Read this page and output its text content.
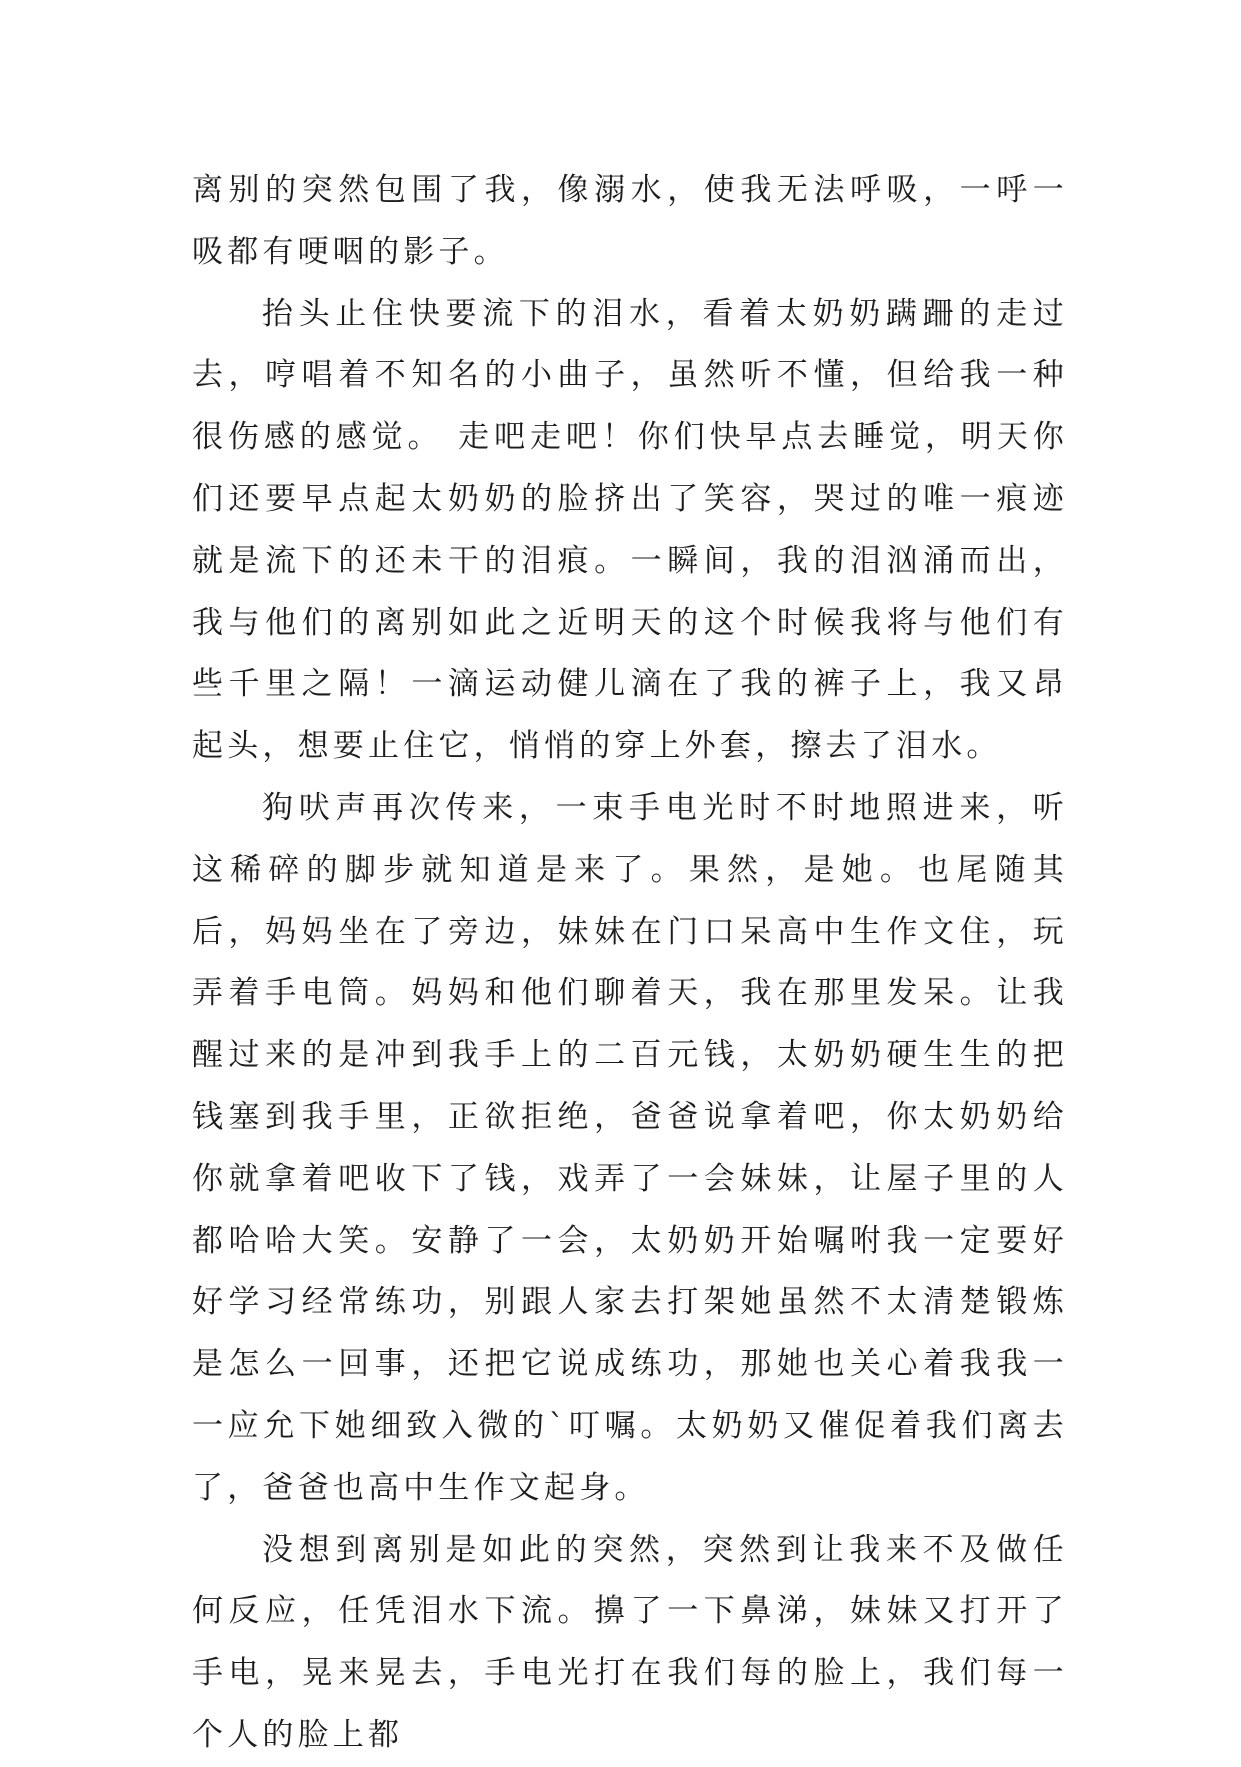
离别的突然包围了我，像溺水，使我无法呼吸，一呼一吸都有哽咽的影子。

抬头止住快要流下的泪水，看着太奶奶蹒跚的走过去，哼唱着不知名的小曲子，虽然听不懂，但给我一种很伤感的感觉。 走吧走吧！你们快早点去睡觉，明天你们还要早点起太奶奶的脸挤出了笑容，哭过的唯一痕迹就是流下的还未干的泪痕。一瞬间，我的泪汹涌而出，我与他们的离别如此之近明天的这个时候我将与他们有些千里之隔！一滴运动健儿滴在了我的裤子上，我又昂起头，想要止住它，悄悄的穿上外套，擦去了泪水。

狗吠声再次传来，一束手电光时不时地照进来，听这稀碎的脚步就知道是来了。果然，是她。也尾随其后，妈妈坐在了旁边，妹妹在门口呆高中生作文住，玩弄着手电筒。妈妈和他们聊着天，我在那里发呆。让我醒过来的是冲到我手上的二百元钱，太奶奶硬生生的把钱塞到我手里，正欲拒绝，爸爸说拿着吧，你太奶奶给你就拿着吧收下了钱，戏弄了一会妹妹，让屋子里的人都哈哈大笑。安静了一会，太奶奶开始嘱咐我一定要好好学习经常练功，别跟人家去打架她虽然不太清楚锻炼是怎么一回事，还把它说成练功，那她也关心着我我一一应允下她细致入微的`叮嘱。太奶奶又催促着我们离去了，爸爸也高中生作文起身。

没想到离别是如此的突然，突然到让我来不及做任何反应，任凭泪水下流。擤了一下鼻涕，妹妹又打开了手电，晃来晃去，手电光打在我们每的脸上，我们每一个人的脸上都
